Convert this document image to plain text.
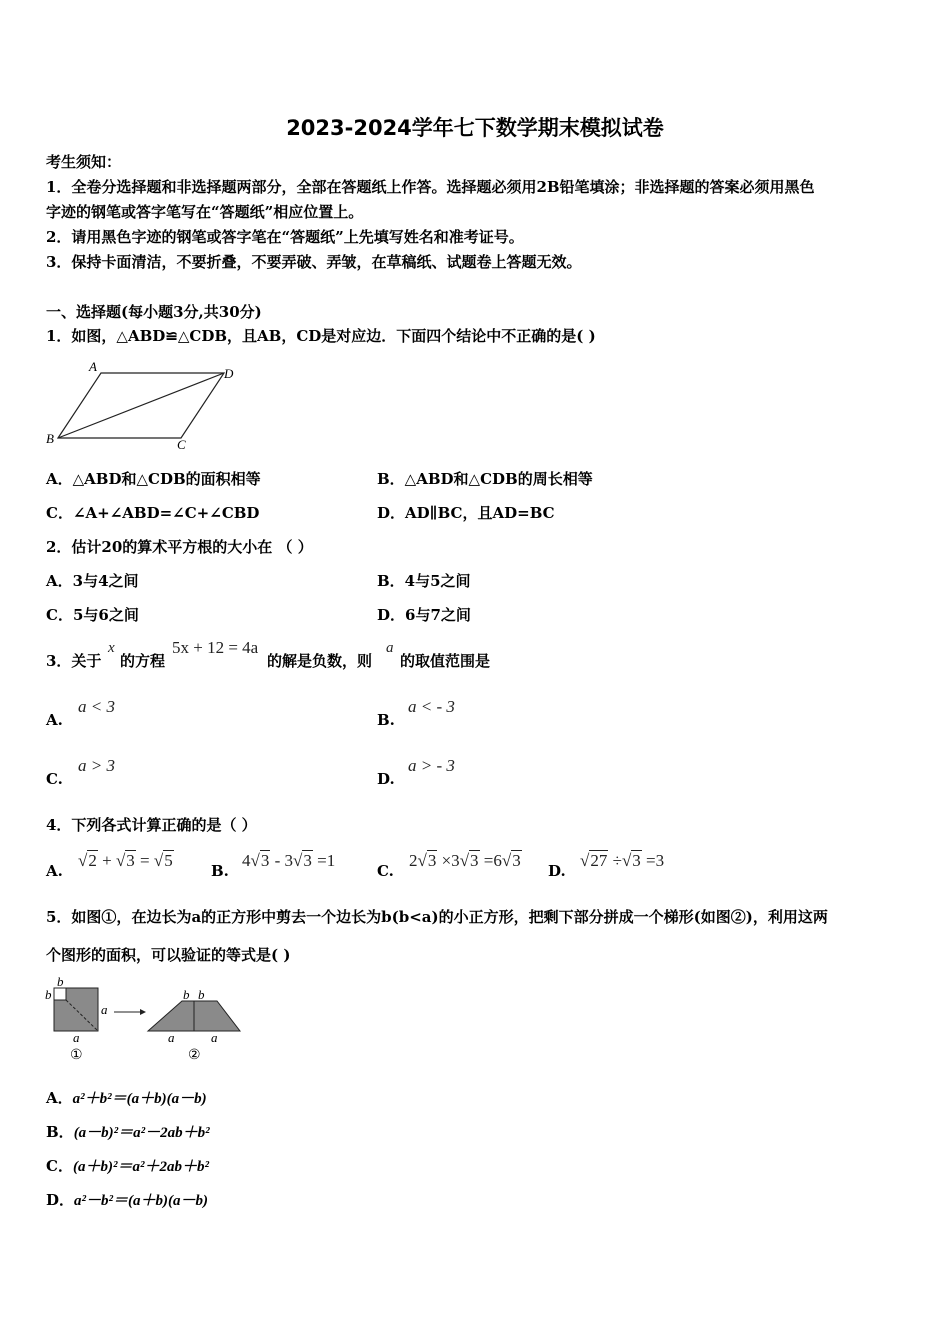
2023-2024学年七下数学期末模拟试卷
考生须知：
1．全卷分选择题和非选择题两部分，全部在答题纸上作答。选择题必须用2B铅笔填涂；非选择题的答案必须用黑色
字迹的钢笔或答字笔写在“答题纸”相应位置上。
2．请用黑色字迹的钢笔或答字笔在“答题纸”上先填写姓名和准考证号。
3．保持卡面清洁，不要折叠，不要弄破、弄皱，在草稿纸、试题卷上答题无效。
一、选择题(每小题3分,共30分)
1．如图，△ABD≌△CDB，且AB，CD是对应边．下面四个结论中不正确的是( )
A	D
B	C
A．△ABD和△CDB的面积相等	B．△ABD和△CDB的周长相等
C．∠A+∠ABD=∠C+∠CBD	D．AD∥BC，且AD=BC
2．估计20的算术平方根的大小在 （ ）
A．3与4之间	B．4与5之间
C．5与6之间	D．6与7之间
3．关于
x
的方程
5x + 12 = 4a
的解是负数，则
a
的取值范围是
A.
a < 3
B.
a < - 3
C.
a > 3
D.
a > - 3
4．下列各式计算正确的是（ ）
A.
√2 + √3 = √5
B.
4√3 - 3√3 =1
C.
2√3 ×3√3 =6√3
D.
√27 ÷√3 =3
5．如图①，在边长为a的正方形中剪去一个边长为b(b<a)的小正方形，把剩下部分拼成一个梯形(如图②)，利用这两
个图形的面积，可以验证的等式是( )
b
b
a
a
①
b b
a	a
②
A．a²＋b²＝(a＋b)(a－b)
B．(a－b)²＝a²－2ab＋b²
C．(a＋b)²＝a²＋2ab＋b²
D．a²－b²＝(a＋b)(a－b)
